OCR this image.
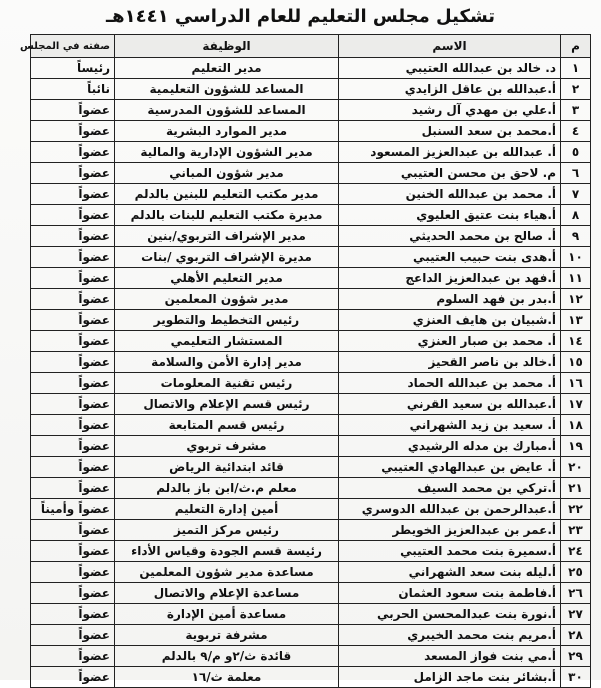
تشكيل مجلس التعليم للعام الدراسي ١٤٤١هـ
م	الاسم	الوظيفة	صفته في المجلس
١	د. خالد بن عبدالله العتيبي	مدير التعليم	رئيساً
٢	أ.عبدالله بن عاقل الزايدي	المساعد للشؤون التعليمية	نائباً
٣	أ.علي بن مهدي آل رشيد	المساعد للشؤون المدرسية	عضواً
٤	أ.محمد بن سعد السنبل	مدير الموارد البشرية	عضواً
٥	أ. عبدالله بن عبدالعزيز المسعود	مدير الشؤون الإدارية والمالية	عضواً
٦	م. لاحق بن محسن العتيبي	مدير شؤون المباني	عضواً
٧	أ. محمد بن عبدالله الخنين	مدير مكتب التعليم للبنين بالدلم	عضواً
٨	أ.هياء بنت عتيق العليوي	مديرة مكتب التعليم للبنات بالدلم	عضواً
٩	أ. صالح بن محمد الحديثي	مدير الإشراف التربوي/بنين	عضواً
١٠	أ.هدى بنت حبيب العتيبي	مديرة الإشراف التربوي /بنات	عضواً
١١	أ.فهد بن عبدالعزيز الداعج	مدير التعليم الأهلي	عضواً
١٢	أ.بدر بن فهد السلوم	مدير شؤون المعلمين	عضواً
١٣	أ.شبيان بن هايف العنزي	رئيس التخطيط والتطوير	عضواً
١٤	أ. محمد بن صبار العنزي	المستشار التعليمي	عضواً
١٥	أ.خالد بن ناصر القحيز	مدير إدارة الأمن والسلامة	عضواً
١٦	أ. محمد بن عبدالله الحماد	رئيس تقنية المعلومات	عضواً
١٧	أ.عبدالله بن سعيد القرني	رئيس قسم الإعلام والاتصال	عضواً
١٨	أ. سعيد بن زيد الشهراني	رئيس قسم المتابعة	عضواً
١٩	أ.مبارك بن مدله الرشيدي	مشرف تربوي	عضواً
٢٠	أ. عايض بن عبدالهادي العتيبي	قائد ابتدائية الرياض	عضواً
٢١	أ.تركي بن محمد السيف	معلم م.ث/ابن باز بالدلم	عضواً
٢٢	أ.عبدالرحمن بن عبدالله الدوسري	أمين إدارة التعليم	عضواً وأميناً
٢٣	أ.عمر بن عبدالعزيز الخويطر	رئيس مركز التميز	عضواً
٢٤	أ.سميرة بنت محمد العتيبي	رئيسة قسم الجودة وقياس الأداء	عضواً
٢٥	أ.ليله بنت سعد الشهراني	مساعدة مدير شؤون المعلمين	عضواً
٢٦	أ.فاطمة بنت سعود العثمان	مساعدة الإعلام والاتصال	عضواً
٢٧	أ.نورة بنت عبدالمحسن الحربي	مساعدة أمين الإدارة	عضواً
٢٨	أ.مريم بنت محمد الخيبري	مشرفة تربوية	عضواً
٢٩	أ.مي بنت فواز المسعد	قائدة ث/٢و م/٩ بالدلم	عضواً
٣٠	أ.بشائر بنت ماجد الزامل	معلمة ث/١٦	عضواً
